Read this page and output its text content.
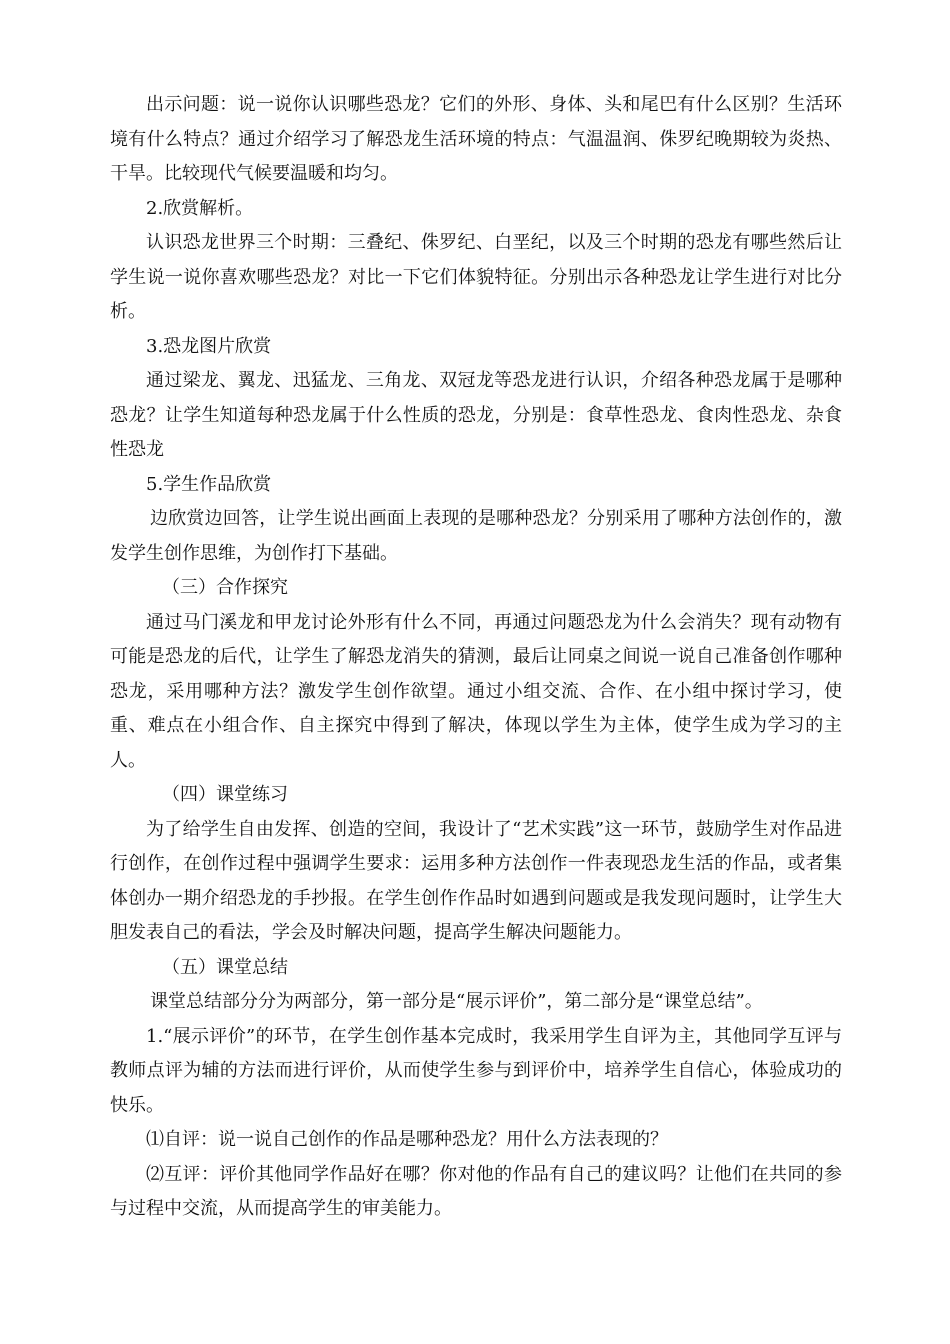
出示问题：说一说你认识哪些恐龙？它们的外形、身体、头和尾巴有什么区别？生活环境有什么特点？通过介绍学习了解恐龙生活环境的特点：气温温润、侏罗纪晚期较为炎热、干旱。比较现代气候要温暖和均匀。

2.欣赏解析。

认识恐龙世界三个时期：三叠纪、侏罗纪、白垩纪，以及三个时期的恐龙有哪些然后让学生说一说你喜欢哪些恐龙？对比一下它们体貌特征。分别出示各种恐龙让学生进行对比分析。

3.恐龙图片欣赏

通过梁龙、翼龙、迅猛龙、三角龙、双冠龙等恐龙进行认识，介绍各种恐龙属于是哪种恐龙？让学生知道每种恐龙属于什么性质的恐龙，分别是：食草性恐龙、食肉性恐龙、杂食性恐龙

5.学生作品欣赏

边欣赏边回答，让学生说出画面上表现的是哪种恐龙？分别采用了哪种方法创作的，激发学生创作思维，为创作打下基础。

（三）合作探究

通过马门溪龙和甲龙讨论外形有什么不同，再通过问题恐龙为什么会消失？现有动物有可能是恐龙的后代，让学生了解恐龙消失的猜测，最后让同桌之间说一说自己准备创作哪种恐龙，采用哪种方法？激发学生创作欲望。通过小组交流、合作、在小组中探讨学习，使重、难点在小组合作、自主探究中得到了解决，体现以学生为主体，使学生成为学习的主人。

（四）课堂练习

为了给学生自由发挥、创造的空间，我设计了“艺术实践”这一环节，鼓励学生对作品进行创作，在创作过程中强调学生要求：运用多种方法创作一件表现恐龙生活的作品，或者集体创办一期介绍恐龙的手抄报。在学生创作作品时如遇到问题或是我发现问题时，让学生大胆发表自己的看法，学会及时解决问题，提高学生解决问题能力。

（五）课堂总结

课堂总结部分分为两部分，第一部分是“展示评价”，第二部分是“课堂总结”。

1.“展示评价”的环节，在学生创作基本完成时，我采用学生自评为主，其他同学互评与教师点评为辅的方法而进行评价，从而使学生参与到评价中，培养学生自信心，体验成功的快乐。

⑴自评：说一说自己创作的作品是哪种恐龙？用什么方法表现的？

⑵互评：评价其他同学作品好在哪？你对他的作品有自己的建议吗？让他们在共同的参与过程中交流，从而提高学生的审美能力。
